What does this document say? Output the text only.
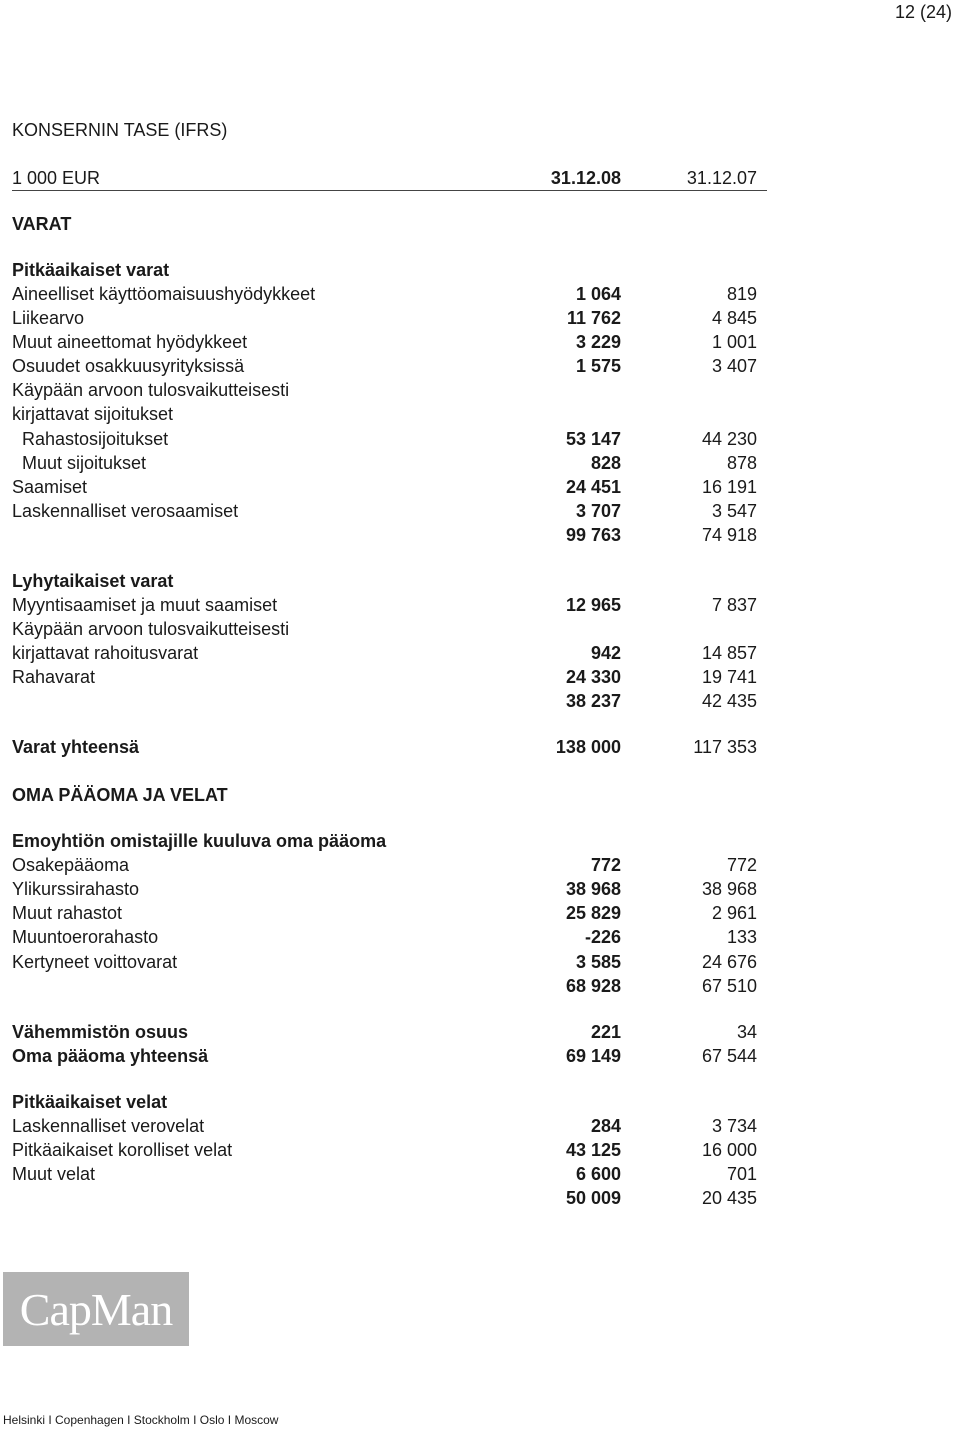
12 (24)
KONSERNIN TASE (IFRS)
1 000 EUR	31.12.08	31.12.07
VARAT
Pitkäaikaiset varat
Aineelliset käyttöomaisuushyödykkeet	1 064	819
Liikearvo	11 762	4 845
Muut aineettomat hyödykkeet	3 229	1 001
Osuudet osakkuusyrityksissä	1 575	3 407
Käypään arvoon tulosvaikutteisesti
kirjattavat sijoitukset
Rahastosijoitukset	53 147	44 230
Muut sijoitukset	828	878
Saamiset	24 451	16 191
Laskennalliset verosaamiset	3 707	3 547
99 763	74 918
Lyhytaikaiset varat
Myyntisaamiset ja muut saamiset	12 965	7 837
Käypään arvoon tulosvaikutteisesti
kirjattavat rahoitusvarat	942	14 857
Rahavarat	24 330	19 741
38 237	42 435
Varat yhteensä	138 000	117 353
OMA PÄÄOMA JA VELAT
Emoyhtiön omistajille kuuluva oma pääoma
Osakepääoma	772	772
Ylikurssirahasto	38 968	38 968
Muut rahastot	25 829	2 961
Muuntoerorahasto	-226	133
Kertyneet voittovarat	3 585	24 676
68 928	67 510
Vähemmistön osuus	221	34
Oma pääoma yhteensä	69 149	67 544
Pitkäaikaiset velat
Laskennalliset verovelat	284	3 734
Pitkäaikaiset korolliset velat	43 125	16 000
Muut velat	6 600	701
50 009	20 435
CapMan
Helsinki I Copenhagen I Stockholm I Oslo I Moscow
